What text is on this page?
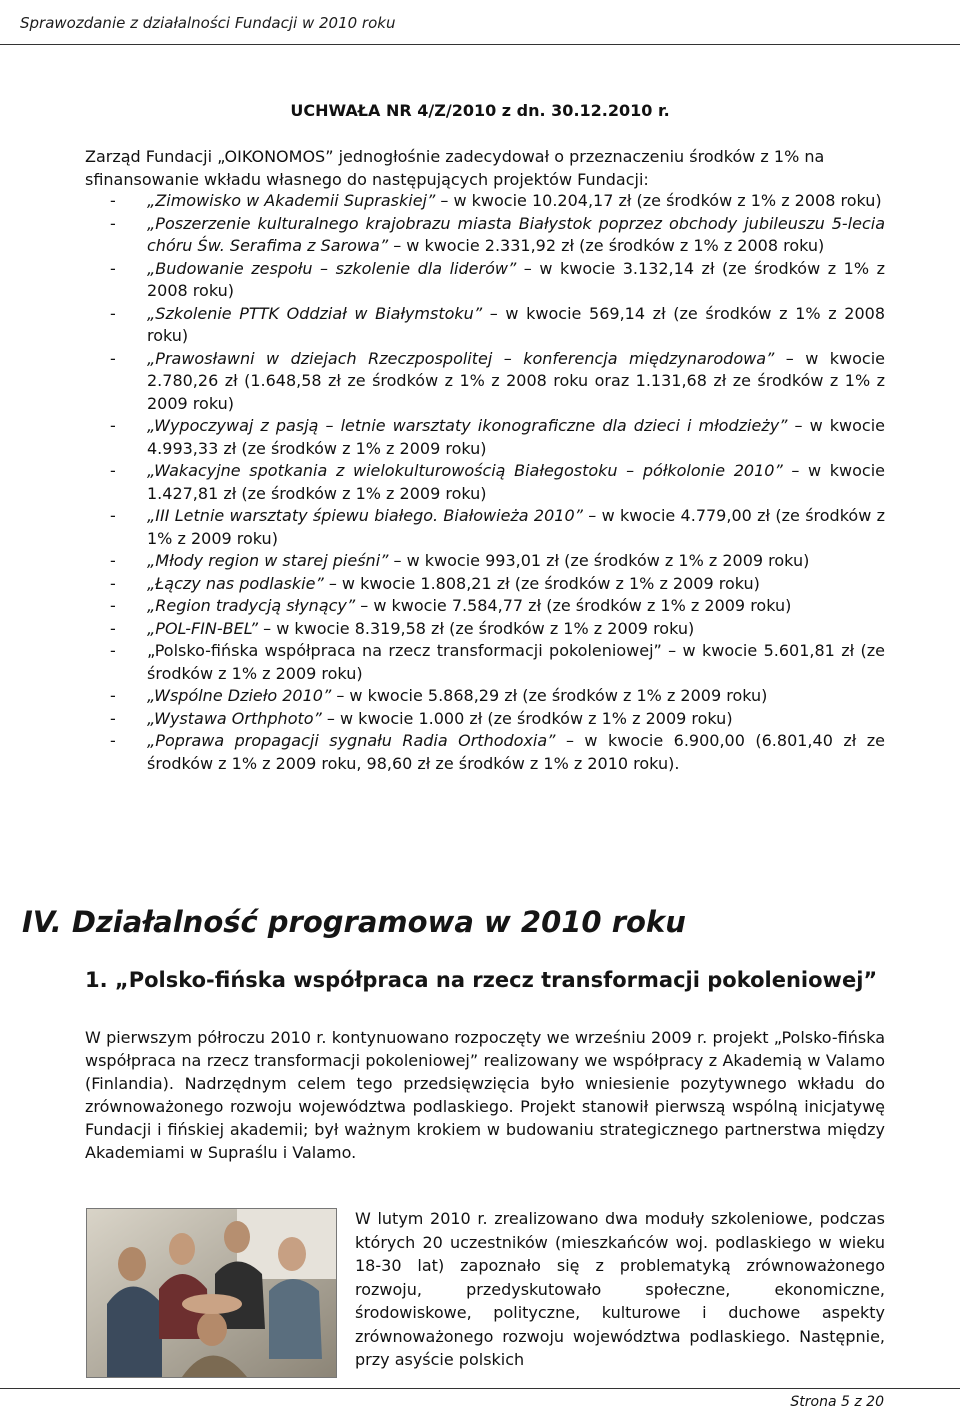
Sprawozdanie z działalności Fundacji w 2010 roku
UCHWAŁA NR 4/Z/2010 z dn. 30.12.2010 r.
Zarząd Fundacji „OIKONOMOS” jednogłośnie zadecydował o przeznaczeniu środków z 1% na sfinansowanie wkładu własnego do następujących projektów Fundacji:
- „Zimowisko w Akademii Supraskiej” – w kwocie 10.204,17 zł (ze środków z 1% z 2008 roku)
- „Poszerzenie kulturalnego krajobrazu miasta Białystok poprzez obchody jubileuszu 5-lecia chóru Św. Serafima z Sarowa” – w kwocie 2.331,92 zł (ze środków z 1% z 2008 roku)
- „Budowanie zespołu – szkolenie dla liderów” – w kwocie 3.132,14 zł (ze środków z 1% z 2008 roku)
- „Szkolenie PTTK Oddział w Białymstoku” – w kwocie 569,14 zł (ze środków z 1% z 2008 roku)
- „Prawosławni w dziejach Rzeczpospolitej – konferencja międzynarodowa” – w kwocie 2.780,26 zł (1.648,58 zł ze środków z 1% z 2008 roku oraz 1.131,68 zł ze środków z 1% z 2009 roku)
- „Wypoczywaj z pasją – letnie warsztaty ikonograficzne dla dzieci i młodzieży” – w kwocie 4.993,33 zł (ze środków z 1% z 2009 roku)
- „Wakacyjne spotkania z wielokulturowością Białegostoku – półkolonie 2010” – w kwocie 1.427,81 zł (ze środków z 1% z 2009 roku)
- „III Letnie warsztaty śpiewu białego. Białowieża 2010” – w kwocie 4.779,00 zł (ze środków z 1% z 2009 roku)
- „Młody region w starej pieśni” – w kwocie 993,01 zł (ze środków z 1% z 2009 roku)
- „Łączy nas podlaskie” – w kwocie 1.808,21 zł (ze środków z 1% z 2009 roku)
- „Region tradycją słynący” – w kwocie 7.584,77 zł (ze środków z 1% z 2009 roku)
- „POL-FIN-BEL” – w kwocie 8.319,58 zł (ze środków z 1% z 2009 roku)
- „Polsko-fińska współpraca na rzecz transformacji pokoleniowej” – w kwocie 5.601,81 zł (ze środków z 1% z 2009 roku)
- „Wspólne Dzieło 2010” – w kwocie 5.868,29 zł (ze środków z 1% z 2009 roku)
- „Wystawa Orthphoto” – w kwocie 1.000 zł (ze środków z 1% z 2009 roku)
- „Poprawa propagacji sygnału Radia Orthodoxia” – w kwocie 6.900,00 (6.801,40 zł ze środków z 1% z 2009 roku, 98,60 zł ze środków z 1% z 2010 roku).
IV. Działalność programowa w 2010 roku
1. „Polsko-fińska współpraca na rzecz transformacji pokoleniowej”
W pierwszym półroczu 2010 r. kontynuowano rozpoczęty we wrześniu 2009 r. projekt „Polsko-fińska współpraca na rzecz transformacji pokoleniowej” realizowany we współpracy z Akademią w Valamo (Finlandia). Nadrzędnym celem tego przedsięwzięcia było wniesienie pozytywnego wkładu do zrównoważonego rozwoju województwa podlaskiego. Projekt stanowił pierwszą wspólną inicjatywę Fundacji i fińskiej akademii; był ważnym krokiem w budowaniu strategicznego partnerstwa między Akademiami w Supraślu i Valamo.
W lutym 2010 r. zrealizowano dwa moduły szkoleniowe, podczas których 20 uczestników (mieszkańców woj. podlaskiego w wieku 18-30 lat) zapoznało się z problematyką zrównoważonego rozwoju, przedyskutowało społeczne, ekonomiczne, środowiskowe, polityczne, kulturowe i duchowe aspekty zrównoważonego rozwoju województwa podlaskiego. Następnie, przy asyście polskich
Strona 5 z 20
